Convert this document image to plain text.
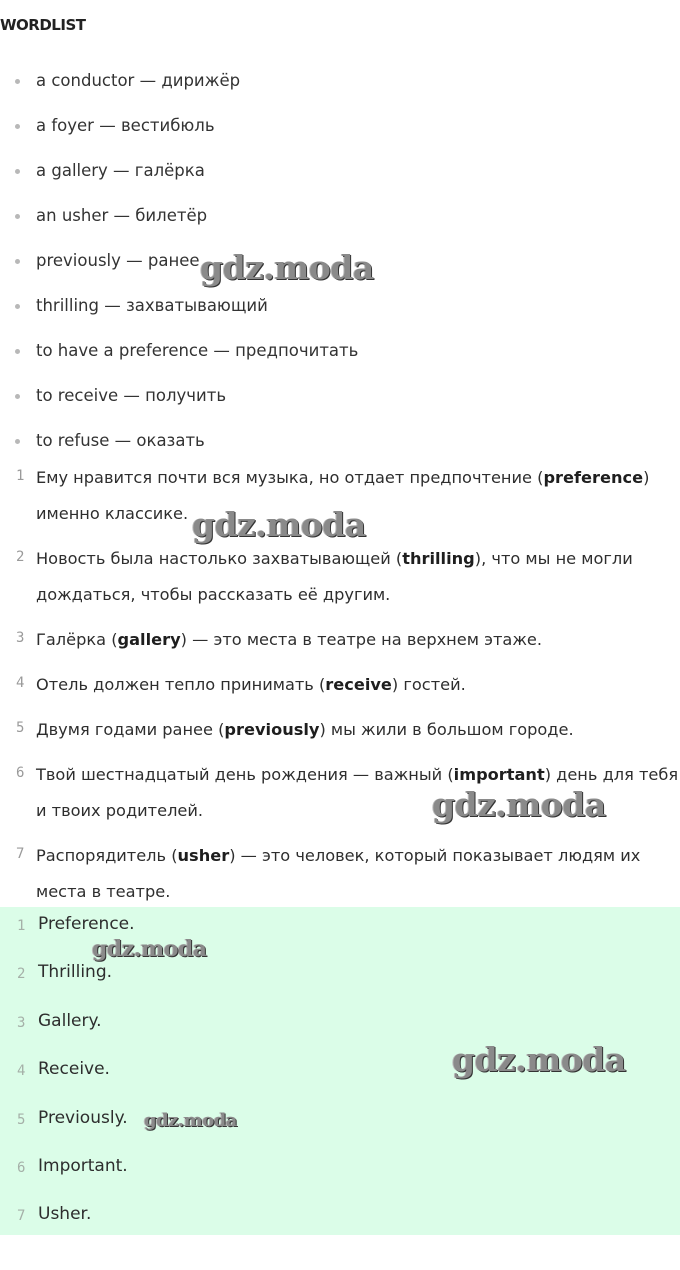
WORDLIST
a conductor — дирижёр
a foyer — вестибюль
a gallery — галёрка
an usher — билетёр
previously — ранее
thrilling — захватывающий
to have a preference — предпочитать
to receive — получить
to refuse — оказать
1 Ему нравится почти вся музыка, но отдает предпочтение (preference) именно классике.
2 Новость была настолько захватывающей (thrilling), что мы не могли дождаться, чтобы рассказать её другим.
3 Галёрка (gallery) — это места в театре на верхнем этаже.
4 Отель должен тепло принимать (receive) гостей.
5 Двумя годами ранее (previously) мы жили в большом городе.
6 Твой шестнадцатый день рождения — важный (important) день для тебя и твоих родителей.
7 Распорядитель (usher) — это человек, который показывает людям их места в театре.
1 Preference.
2 Thrilling.
3 Gallery.
4 Receive.
5 Previously.
6 Important.
7 Usher.
gdz.moda
gdz.moda
gdz.moda
gdz.moda
gdz.moda
gdz.moda
